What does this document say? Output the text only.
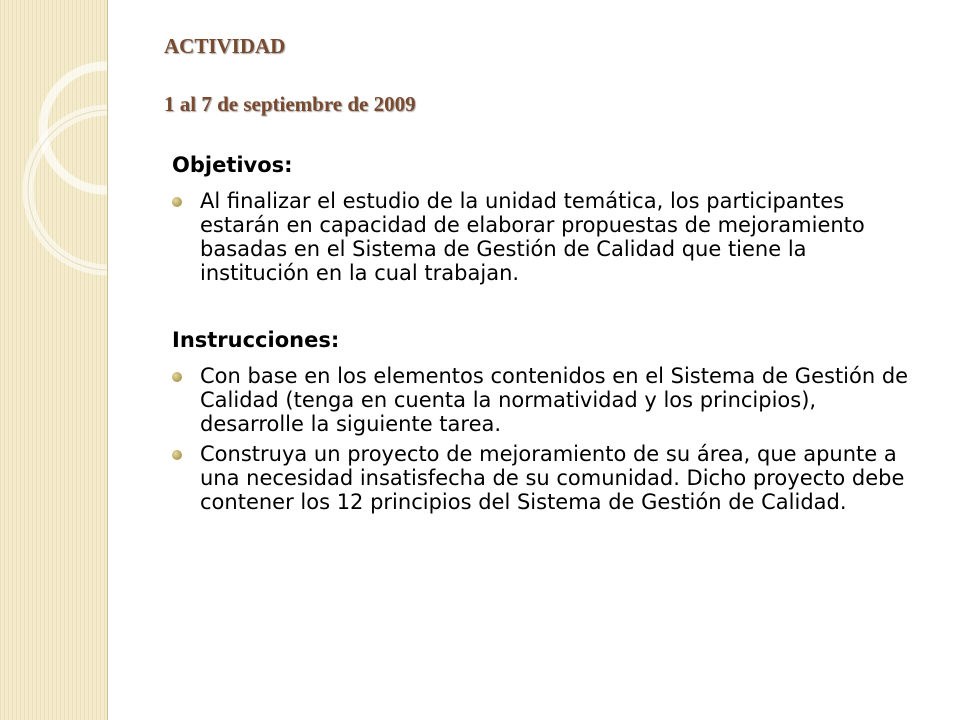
ACTIVIDAD
1 al 7 de septiembre de 2009
Objetivos:
Al finalizar el estudio de la unidad temática, los participantes estarán en capacidad de elaborar propuestas de mejoramiento basadas en el Sistema de Gestión de Calidad que tiene la institución en la cual trabajan.
Instrucciones:
Con base en los elementos contenidos en el Sistema de Gestión de Calidad (tenga en cuenta la normatividad y los principios), desarrolle la siguiente tarea.
Construya un proyecto de mejoramiento de su área, que apunte a una necesidad insatisfecha de su comunidad. Dicho proyecto debe contener los 12 principios del Sistema de Gestión de Calidad.
